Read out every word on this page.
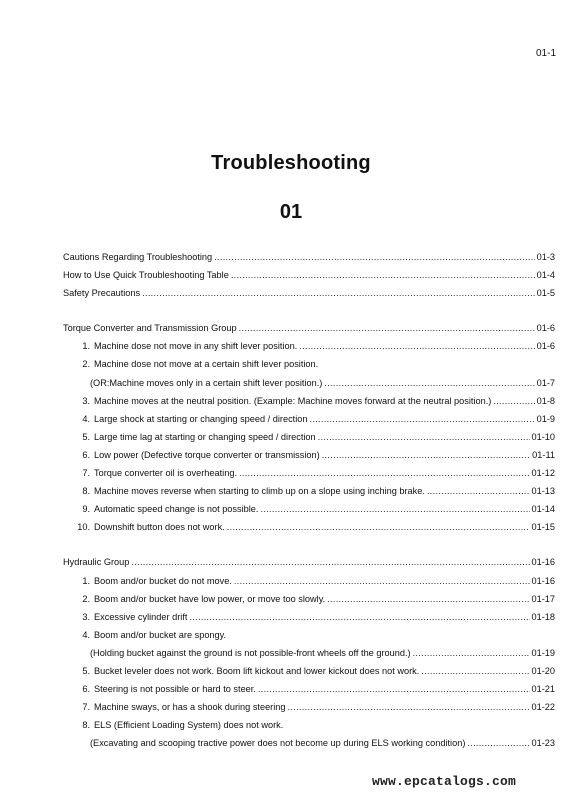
01-1
Troubleshooting
01
Cautions Regarding Troubleshooting .....	01-3
How to Use Quick Troubleshooting Table .....	01-4
Safety Precautions .....	01-5
Torque Converter and Transmission Group .....	01-6
1. Machine dose not move in any shift lever position. .....	01-6
2. Machine dose not move at a certain shift lever position.
(OR:Machine moves only in a certain shift lever position.) .....	01-7
3. Machine moves at the neutral position. (Example: Machine moves forward at the neutral position.) .....	01-8
4. Large shock at starting or changing speed / direction .....	01-9
5. Large time lag at starting or changing speed / direction .....	01-10
6. Low power (Defective torque converter or transmission) .....	01-11
7. Torque converter oil is overheating. .....	01-12
8. Machine moves reverse when starting to climb up on a slope using inching brake. .....	01-13
9. Automatic speed change is not possible. .....	01-14
10. Downshift button does not work. .....	01-15
Hydraulic Group .....	01-16
1. Boom and/or bucket do not move. .....	01-16
2. Boom and/or bucket have low power, or move too slowly. .....	01-17
3. Excessive cylinder drift .....	01-18
4. Boom and/or bucket are spongy.
(Holding bucket against the ground is not possible-front wheels off the ground.) .....	01-19
5. Bucket leveler does not work. Boom lift kickout and lower kickout does not work. .....	01-20
6. Steering is not possible or hard to steer. .....	01-21
7. Machine sways, or has a shook during steering .....	01-22
8. ELS (Efficient Loading System) does not work.
(Excavating and scooping tractive power does not become up during ELS working condition) .....	01-23
www.epcatalogs.com
